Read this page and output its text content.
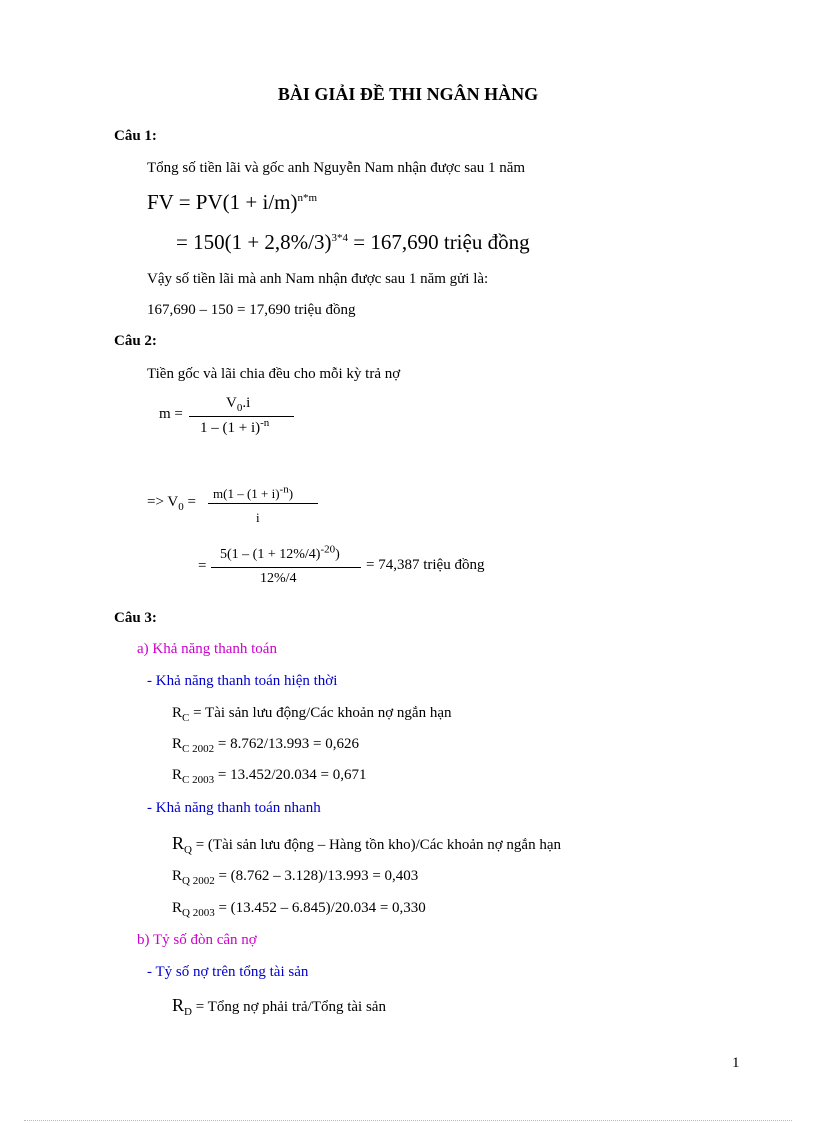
BÀI GIẢI ĐỀ THI NGÂN HÀNG
Câu 1:
Tổng số tiền lãi và gốc anh Nguyễn Nam nhận được sau 1 năm
FV = $PV(1 + i/m)^{n*m}$
= $150(1 + 2,8\%/3)^{3*4} = 167,690$ triệu đồng
Vậy số tiền lãi mà anh Nam nhận được sau 1 năm gửi là:
167,690 – 150 = 17,690 triệu đồng
Câu 2:
Tiền gốc và lãi chia đều cho mỗi kỳ trả nợ
m =
$V_0.i$
$1 - (1 + i)^{-n}$
=> $V_0$ =
$m(1 - (1 + i)^{-n})$
i
=
$5(1 - (1 + 12\%/4)^{-20})$
12%/4
= 74,387 triệu đồng
Câu 3:
a) Khả năng thanh toán
- Khả năng thanh toán hiện thời
$R_C$ = Tài sản lưu động/Các khoản nợ ngắn hạn
$R_{C 2002} = 8.762/13.993 = 0,626$
$R_{C 2003} = 13.452/20.034 = 0,671$
- Khả năng thanh toán nhanh
$R_Q$ = (Tài sản lưu động – Hàng tồn kho)/Các khoản nợ ngắn hạn
$R_{Q 2002} = (8.762 - 3.128)/13.993 = 0,403$
$R_{Q 2003} = (13.452 - 6.845)/20.034 = 0,330$
b) Tỷ số đòn cân nợ
- Tỷ số nợ trên tổng tài sản
$R_D$ = Tổng nợ phải trả/Tổng tài sản
1
